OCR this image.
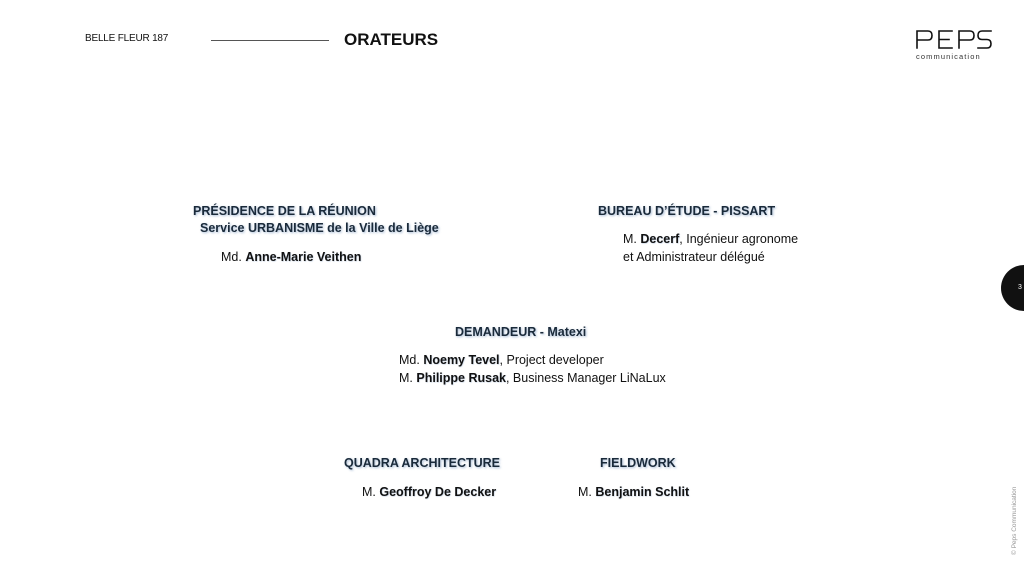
BELLE FLEUR 187	ORATEURS
communication
PRÉSIDENCE DE LA RÉUNION
Service URBANISME de la Ville de Liège
Md. Anne-Marie Veithen
BUREAU D’ÉTUDE - PISSART
M. Decerf, Ingénieur agronome
et Administrateur délégué
DEMANDEUR - Matexi
Md. Noemy Tevel, Project developer
M. Philippe Rusak, Business Manager LiNaLux
QUADRA ARCHITECTURE
M. Geoffroy De Decker
FIELDWORK
M. Benjamin Schlit
3
© Peps Communication
